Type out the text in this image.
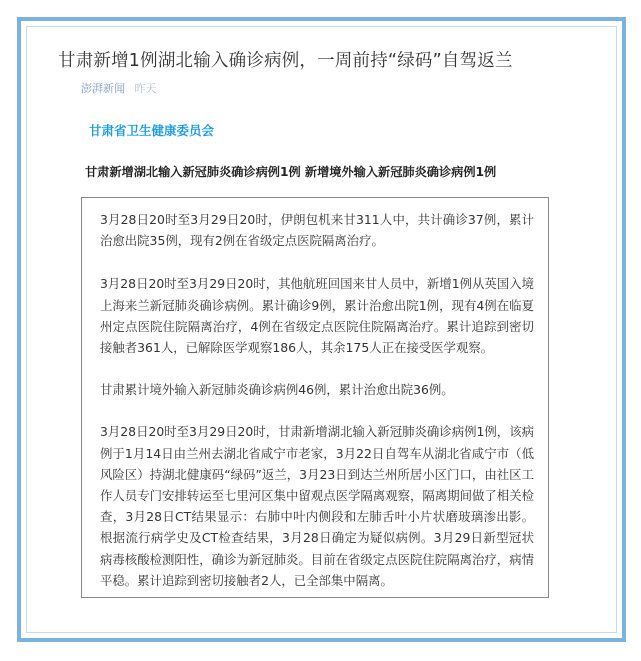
甘肃新增1例湖北输入确诊病例，一周前持“绿码”自驾返兰
澎湃新闻 昨天
甘肃省卫生健康委员会
甘肃新增湖北输入新冠肺炎确诊病例1例 新增境外输入新冠肺炎确诊病例1例

3月28日20时至3月29日20时，伊朗包机来甘311人中，共计确诊37例，累计治愈出院35例，现有2例在省级定点医院隔离治疗。

3月28日20时至3月29日20时，其他航班回国来甘人员中，新增1例从英国入境上海来兰新冠肺炎确诊病例。累计确诊9例，累计治愈出院1例，现有4例在临夏州定点医院住院隔离治疗，4例在省级定点医院住院隔离治疗。累计追踪到密切接触者361人，已解除医学观察186人，其余175人正在接受医学观察。

甘肃累计境外输入新冠肺炎确诊病例46例，累计治愈出院36例。

3月28日20时至3月29日20时，甘肃新增湖北输入新冠肺炎确诊病例1例，该病例于1月14日由兰州去湖北省咸宁市老家，3月22日自驾车从湖北省咸宁市（低风险区）持湖北健康码“绿码”返兰，3月23日到达兰州所居小区门口，由社区工作人员专门安排转运至七里河区集中留观点医学隔离观察，隔离期间做了相关检查，3月28日CT结果显示：右肺中叶内侧段和左肺舌叶小片状磨玻璃渗出影。根据流行病学史及CT检查结果，3月28日确定为疑似病例。3月29日新型冠状病毒核酸检测阳性，确诊为新冠肺炎。目前在省级定点医院住院隔离治疗，病情平稳。累计追踪到密切接触者2人，已全部集中隔离。
